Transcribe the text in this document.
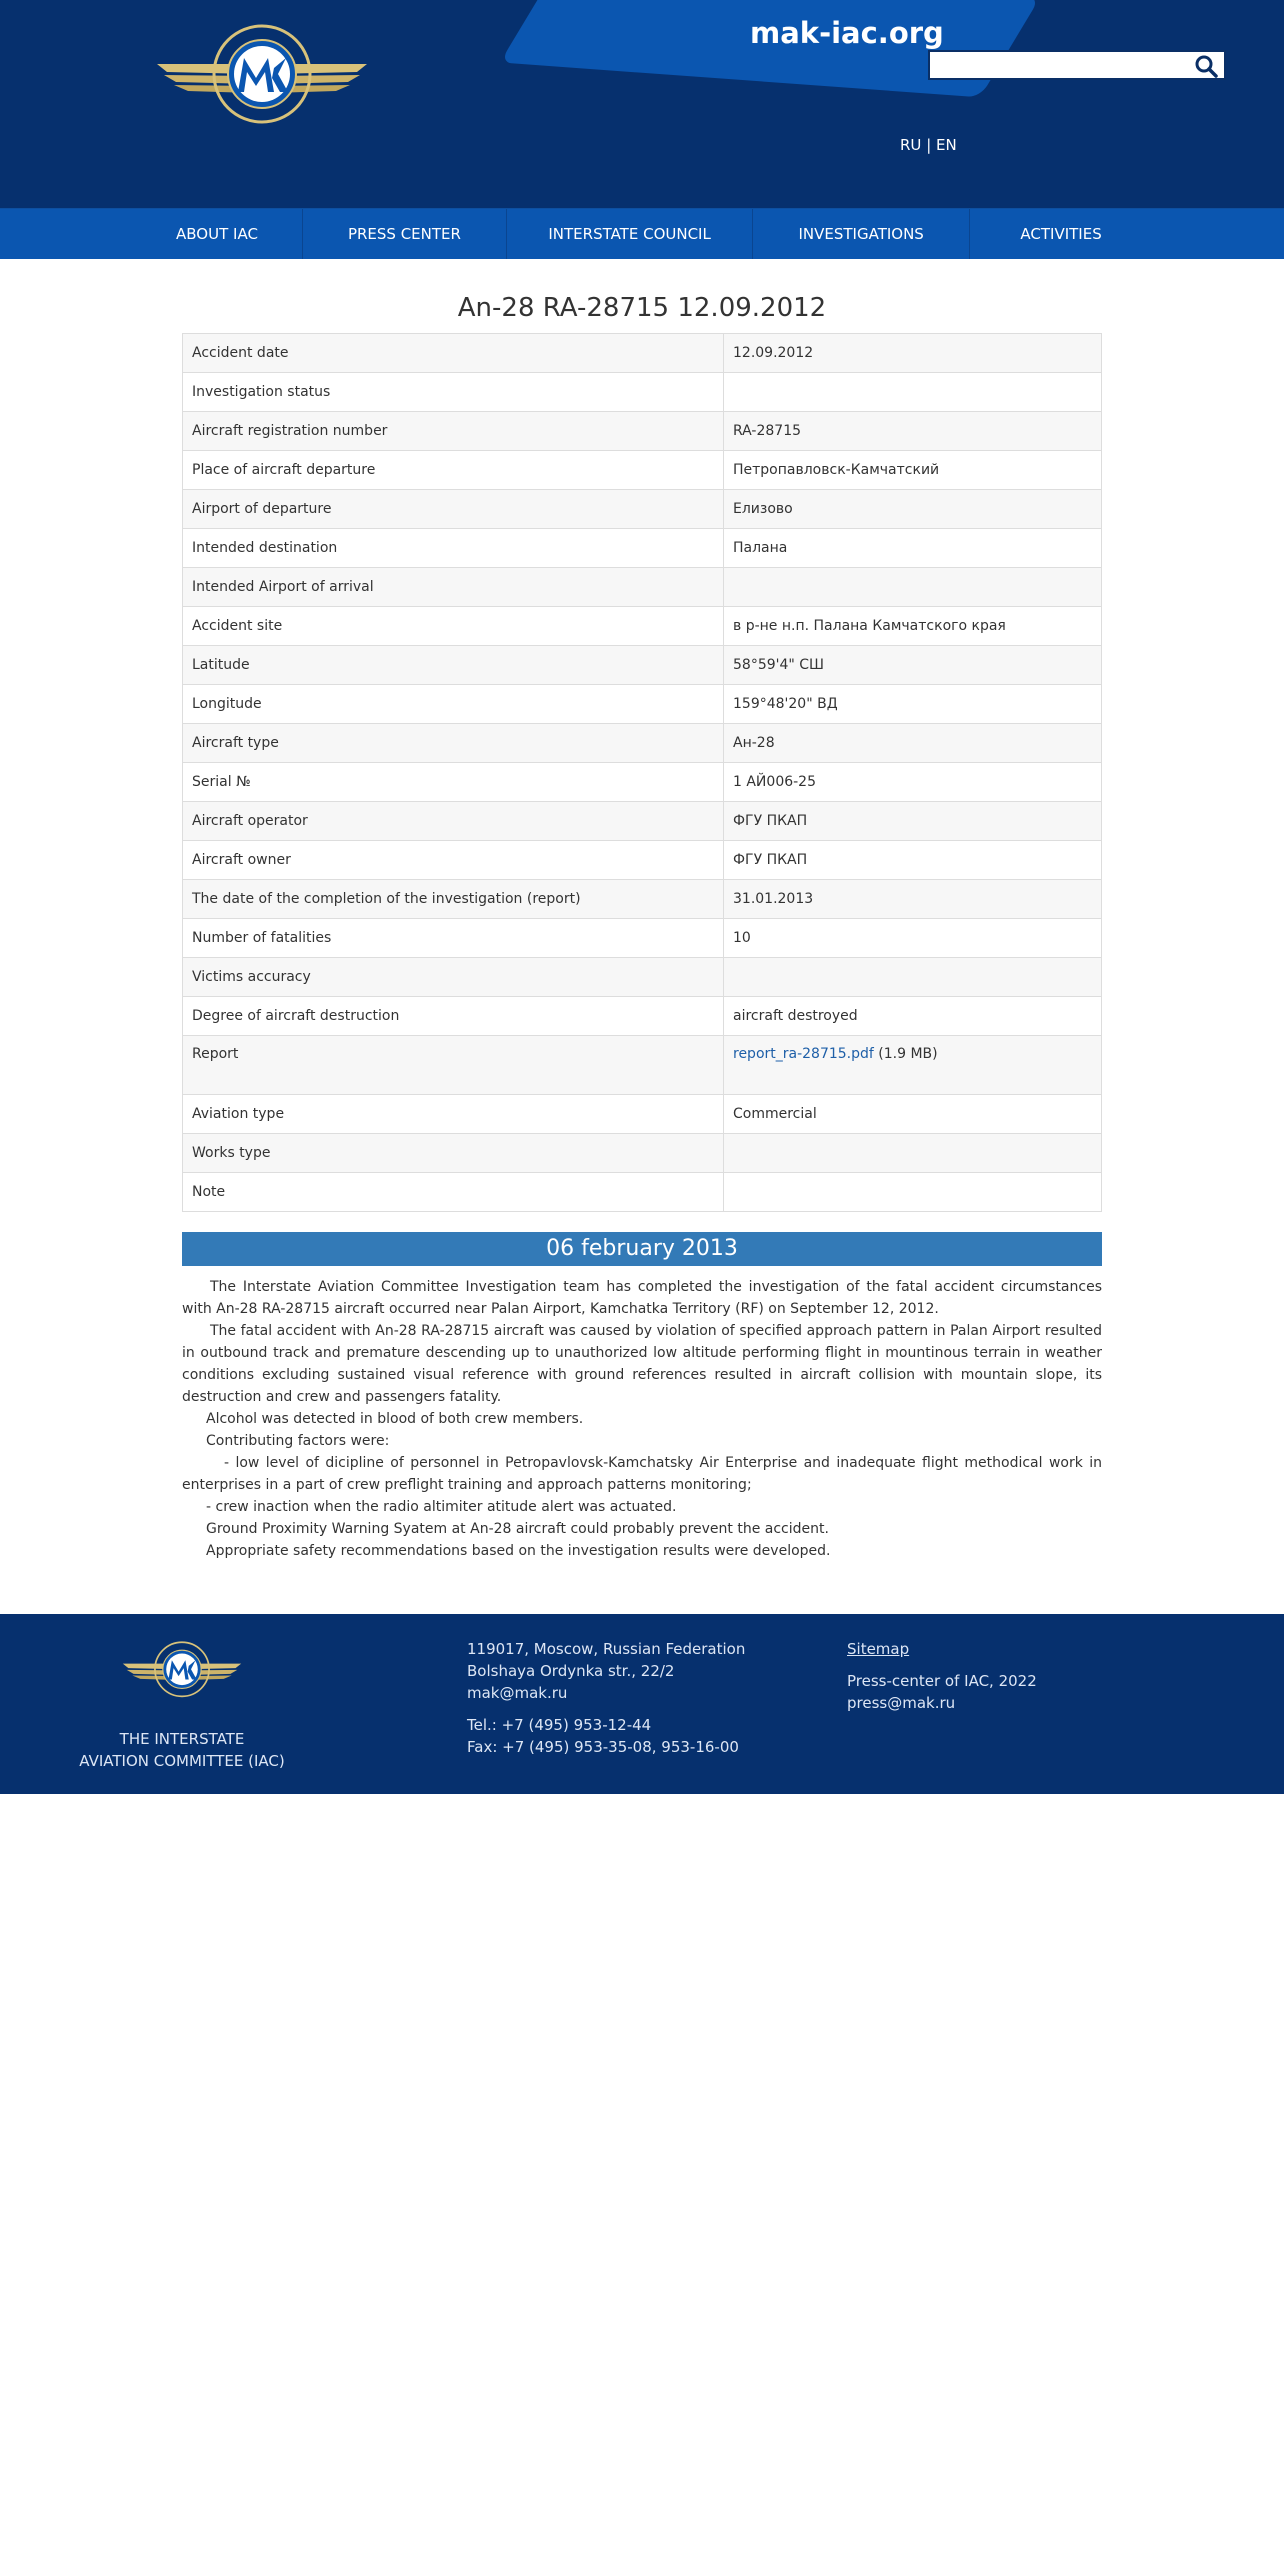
mak-iac.org
RU | EN
ABOUT IAC	PRESS CENTER	INTERSTATE COUNCIL	INVESTIGATIONS	ACTIVITIES
An-28 RA-28715 12.09.2012
Accident date	12.09.2012
Investigation status	
Aircraft registration number	RA-28715
Place of aircraft departure	Петропавловск-Камчатский
Airport of departure	Елизово
Intended destination	Палана
Intended Airport of arrival	
Accident site	в р-не н.п. Палана Камчатского края
Latitude	58°59'4" СШ
Longitude	159°48'20" ВД
Aircraft type	Ан-28
Serial №	1 АЙ006-25
Aircraft operator	ФГУ ПКАП
Aircraft owner	ФГУ ПКАП
The date of the completion of the investigation (report)	31.01.2013
Number of fatalities	10
Victims accuracy	
Degree of aircraft destruction	aircraft destroyed
Report	report_ra-28715.pdf (1.9 MB)
Aviation type	Commercial
Works type	
Note	
06 february 2013

The Interstate Aviation Committee Investigation team has completed the investigation of the fatal accident circumstances with An-28 RA-28715 aircraft occurred near Palan Airport, Kamchatka Territory (RF) on September 12, 2012.

The fatal accident with An-28 RA-28715 aircraft was caused by violation of specified approach pattern in Palan Airport resulted in outbound track and premature descending up to unauthorized low altitude performing flight in mountinous terrain in weather conditions excluding sustained visual reference with ground references resulted in aircraft collision with mountain slope, its destruction and crew and passengers fatality.

Alcohol was detected in blood of both crew members.

Contributing factors were:

- low level of dicipline of personnel in Petropavlovsk-Kamchatsky Air Enterprise and inadequate flight methodical work in enterprises in a part of crew preflight training and approach patterns monitoring;

- crew inaction when the radio altimiter atitude alert was actuated.

Ground Proximity Warning Syatem at An-28 aircraft could probably prevent the accident.

Appropriate safety recommendations based on the investigation results were developed.

THE INTERSTATE
AVIATION COMMITTEE (IAC)
119017, Moscow, Russian Federation
Bolshaya Ordynka str., 22/2
mak@mak.ru
Tel.: +7 (495) 953-12-44
Fax: +7 (495) 953-35-08, 953-16-00
Sitemap
Press-center of IAC, 2022
press@mak.ru
